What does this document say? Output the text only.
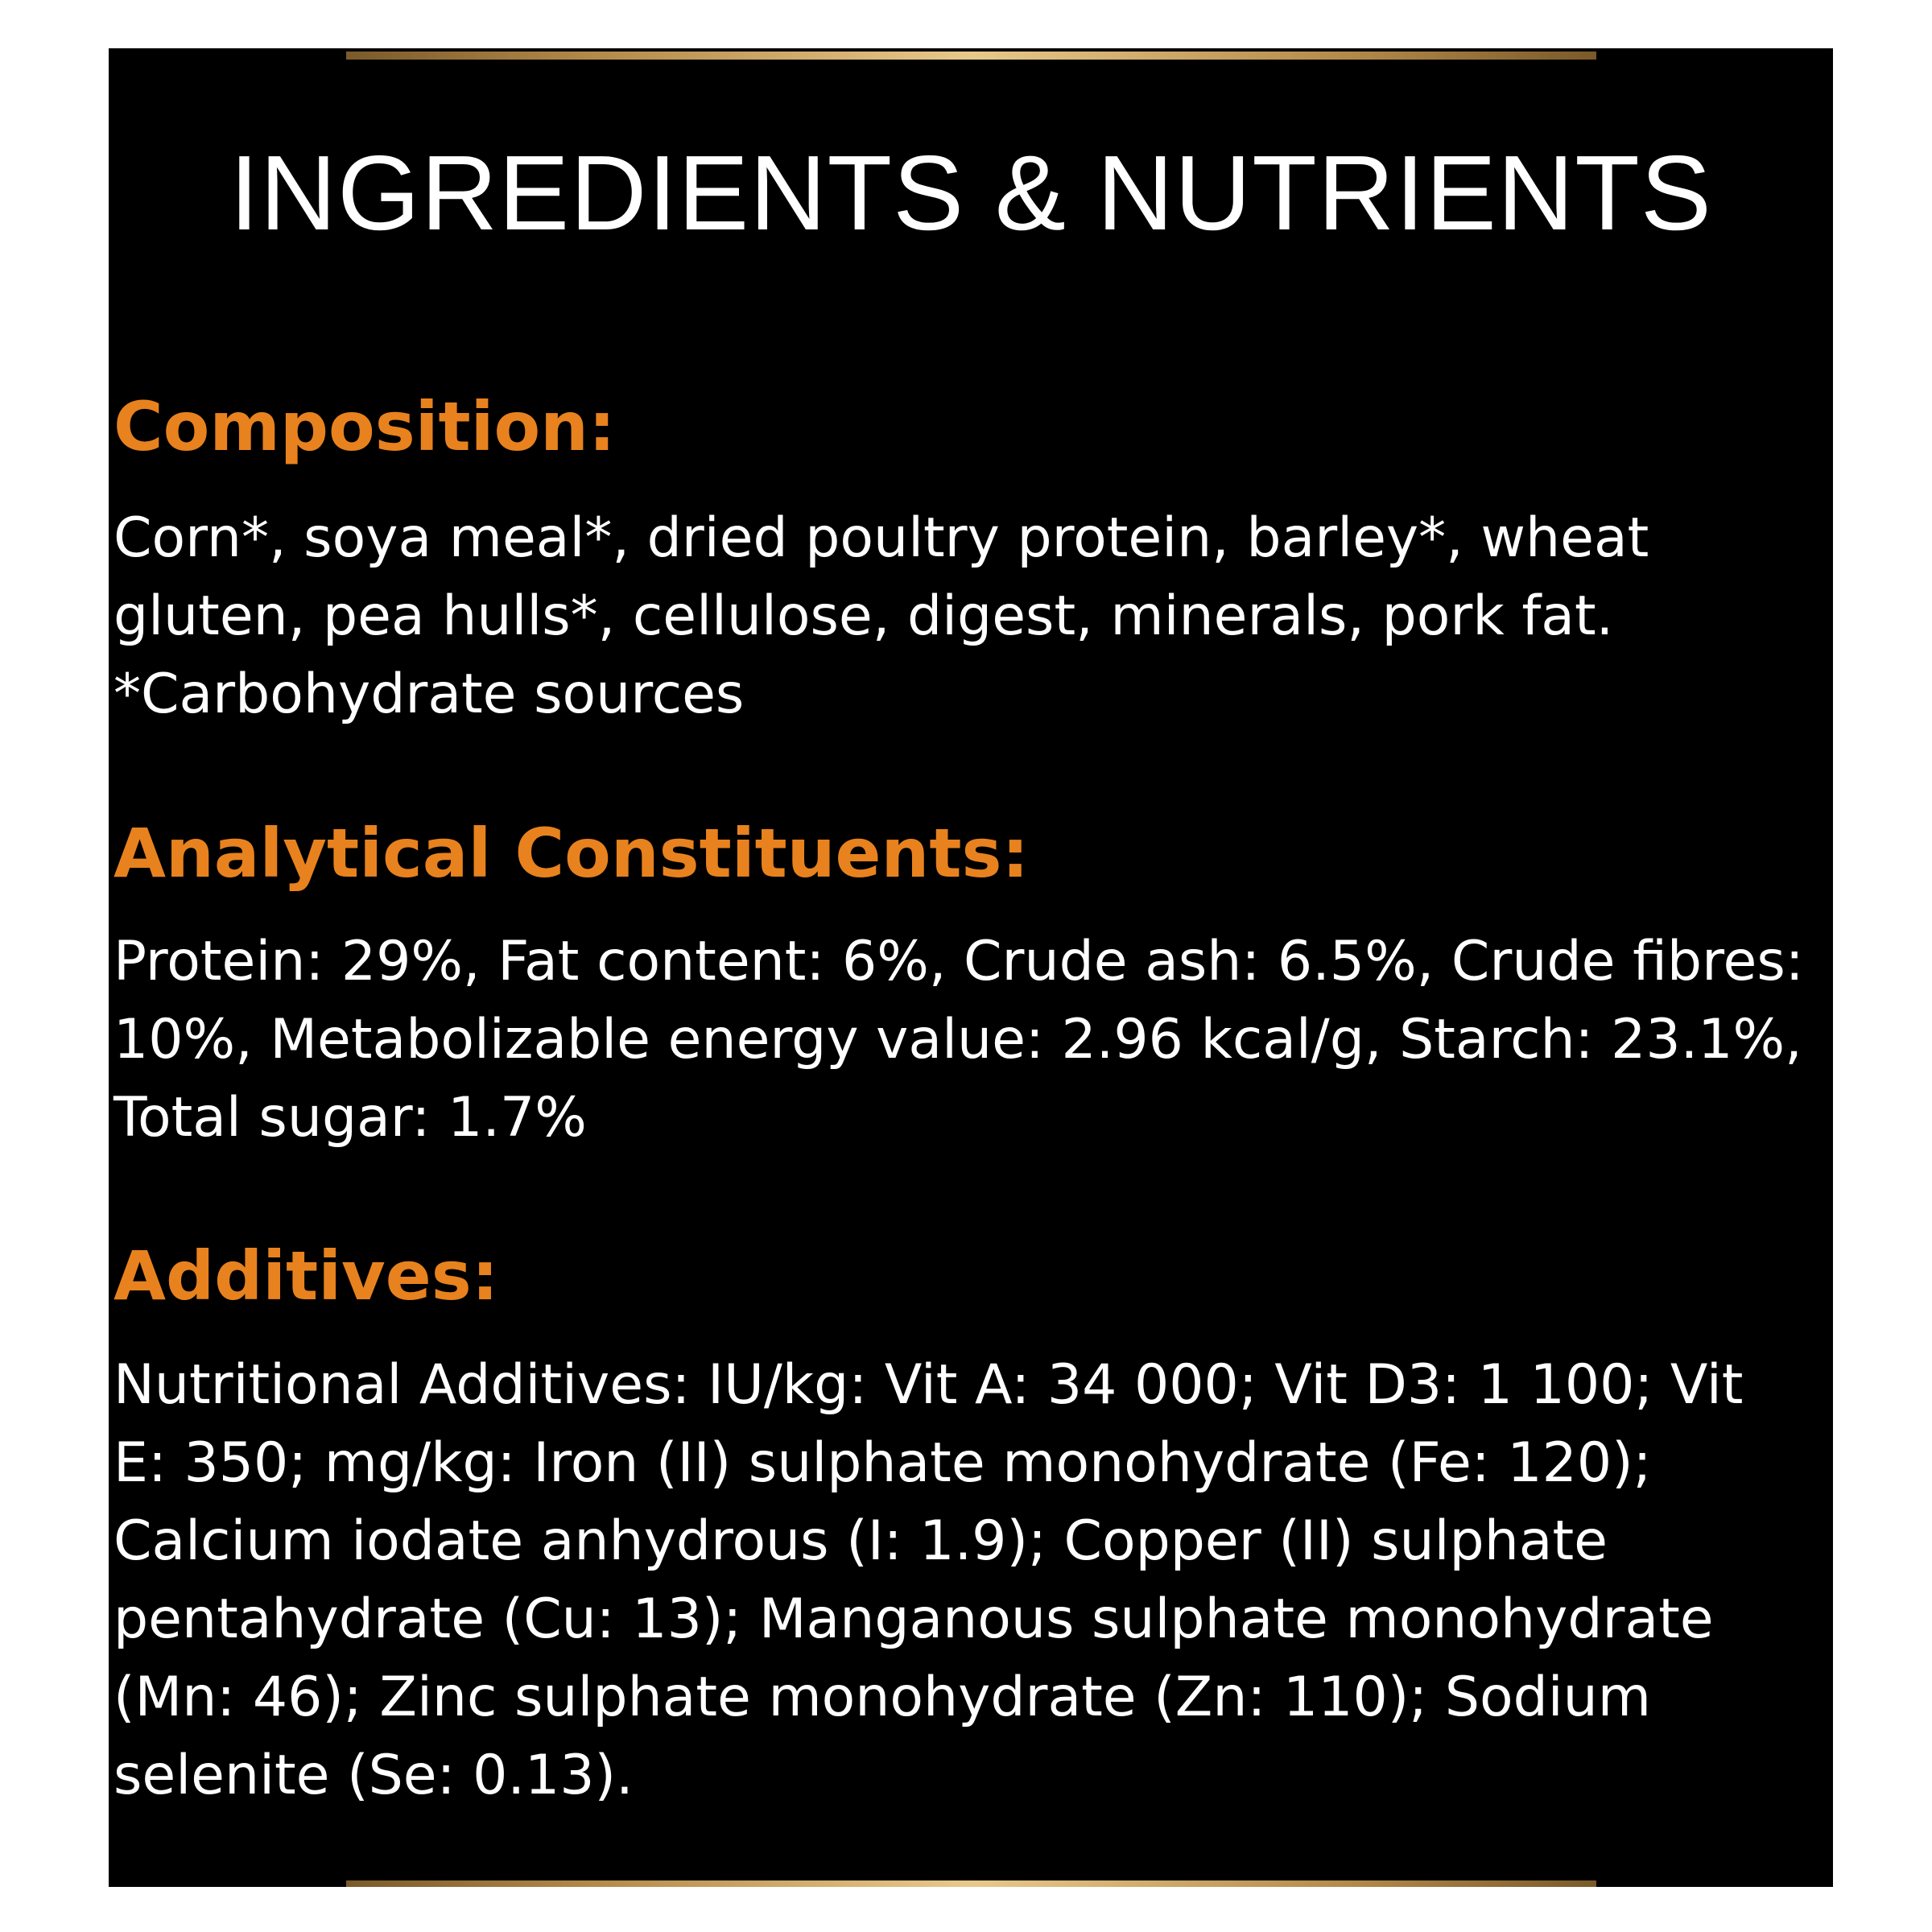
INGREDIENTS & NUTRIENTS
Composition:

Corn*, soya meal*, dried poultry protein, barley*, wheat
gluten, pea hulls*, cellulose, digest, minerals, pork fat.
*Carbohydrate sources

Analytical Constituents:

Protein: 29%, Fat content: 6%, Crude ash: 6.5%, Crude fibres:
10%, Metabolizable energy value: 2.96 kcal/g, Starch: 23.1%,
Total sugar: 1.7%

Additives:

Nutritional Additives: IU/kg: Vit A: 34 000; Vit D3: 1 100; Vit
E: 350; mg/kg: Iron (II) sulphate monohydrate (Fe: 120);
Calcium iodate anhydrous (I: 1.9); Copper (II) sulphate
pentahydrate (Cu: 13); Manganous sulphate monohydrate
(Mn: 46); Zinc sulphate monohydrate (Zn: 110); Sodium
selenite (Se: 0.13).
